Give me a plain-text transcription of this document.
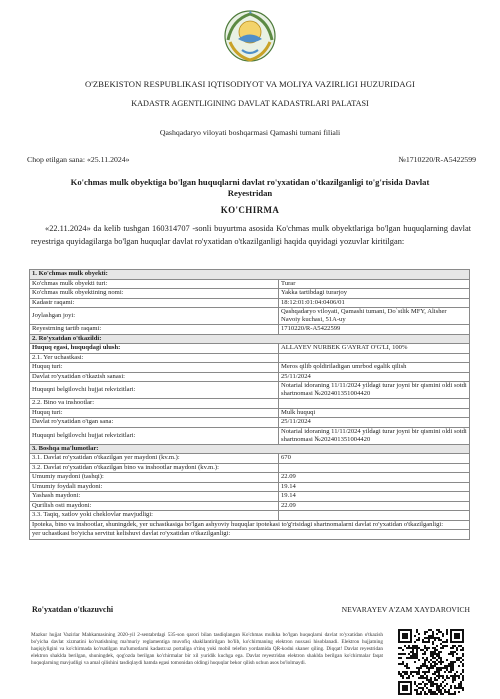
O'ZBEKISTON RESPUBLIKASI IQTISODIYOT VA MOLIYA VAZIRLIGI HUZURIDAGI
KADASTR AGENTLIGINING DAVLAT KADASTRLARI PALATASI
Qashqadaryo viloyati boshqarmasi Qamashi tumani filiali
Chop etilgan sana: «25.11.2024»	№1710220/R-A5422599
Ko'chmas mulk obyektiga bo'lgan huquqlarni davlat ro'yxatidan o'tkazilganligi to'g'risida Davlat Reyestridan
KO'CHIRMA
«22.11.2024» da kelib tushgan 160314707 -sonli buyurtma asosida Ko'chmas mulk obyektlariga bo'lgan huquqlarning davlat reyestriga quyidagilarga bo'lgan huquqlar davlat ro'yxatidan o'tkazilganligi haqida quyidagi yozuvlar kiritilgan:
1. Ko'chmas mulk obyekti:	
Ko'chmas mulk obyekti turi:	Turar
Ko'chmas mulk obyektining nomi:	Yakka tartibdagi turarjoy
Kadastr raqami:	18:12:01:01:04:0406/01
Joylashgan joyi:	Qashqadaryo viloyati, Qamashi tumani, Do`stlik MFY, Alisher Navoiy kuchasi, 51A-uy
Reyestrning tartib raqami:	1710220/R-A5422599
2. Ro'yxatdan o'tkazildi:	
Huquq egasi, huquqdagi ulush:	ALLAYEV NURBEK G'AYRAT O'G'LI, 100%
2.1. Yer uchastkasi:	
Huquq turi:	Meros qilib qoldiriladigan umrbod egalik qilish
Davlat ro'yxatidan o'tkazish sanasi:	25/11/2024
Huquqni belgilovchi hujjat rekvizitlari:	Notarial idoraning 11/11/2024 yildagi turar joyni bir qismini oldi sotdi shartnomasi №202401351004420
2.2. Bino va inshootlar:	
Huquq turi:	Mulk huquqi
Davlat ro'yxatidan o'tgan sana:	25/11/2024
Huquqni belgilovchi hujjat rekvizitlari:	Notarial idoraning 11/11/2024 yildagi turar joyni bir qismini oldi sotdi shartnomasi №202401351004420
3. Boshqa ma'lumotlar:	
3.1. Davlat ro'yxatidan o'tkazilgan yer maydoni (kv.m.):	670
3.2. Davlat ro'yxatidan o'tkazilgan bino va inshootlar maydoni (kv.m.):	
Umumiy maydoni (tashqi):	22.09
Umumiy foydali maydoni:	19.14
Yashash maydoni:	19.14
Qurilish osti maydoni:	22.09
3.3. Taqiq, xatlov yoki cheklovlar mavjudligi:	
Ipoteka, bino va inshootlar, shuningdek, yer uchastkasiga bo'lgan ashyoviy huquqlar ipotekasi to'g'risidagi shartnomalarni davlat ro'yxatidan o'tkazilganligi:	
yer uchastkasi bo'yicha servitut kelishuvi davlat ro'yxatidan o'tkazilganligi:	
Ro'yxatdan o'tkazuvchi	NEVARAYEV A'ZAM XAYDAROVICH
Mazkur hujjat Vazirlar Mahkamasining 2020-yil 2-sentabrdagi 535-son qarori bilan tasdiqlangan Ko'chmas mulkka bo'lgan huquqlarni davlat ro'yxatidan o'tkazish bo'yicha davlat xizmatini ko'rsatishning ma'muriy reglamentiga muvofiq shakllantirilgan bo'lib, ko'chirmaning elektron nusxasi hisoblanadi. Elektron hujjatning haqiqiyligini va ko'chirmada ko'rsatilgan ma'lumotlarni kadastr.uz portaliga o'tinq yoki mobil telefon yordamida QR-kodni skaner qiling. Diqqat! Davlat reyestridan elektron shaklda berilgan, shuningdek, qog'ozda berilgan ko'chirmalar bir xil yuridik kuchga ega. Davlat reyestridan elektron shaklda berilgan ko'chirmalar faqat huquqlarning mavjudligi va amal qilishini tasdiqlaydi hamda egasi tomonidan oldingi huquqlar bekor qilish uchun asos bo'lolmaydi.
